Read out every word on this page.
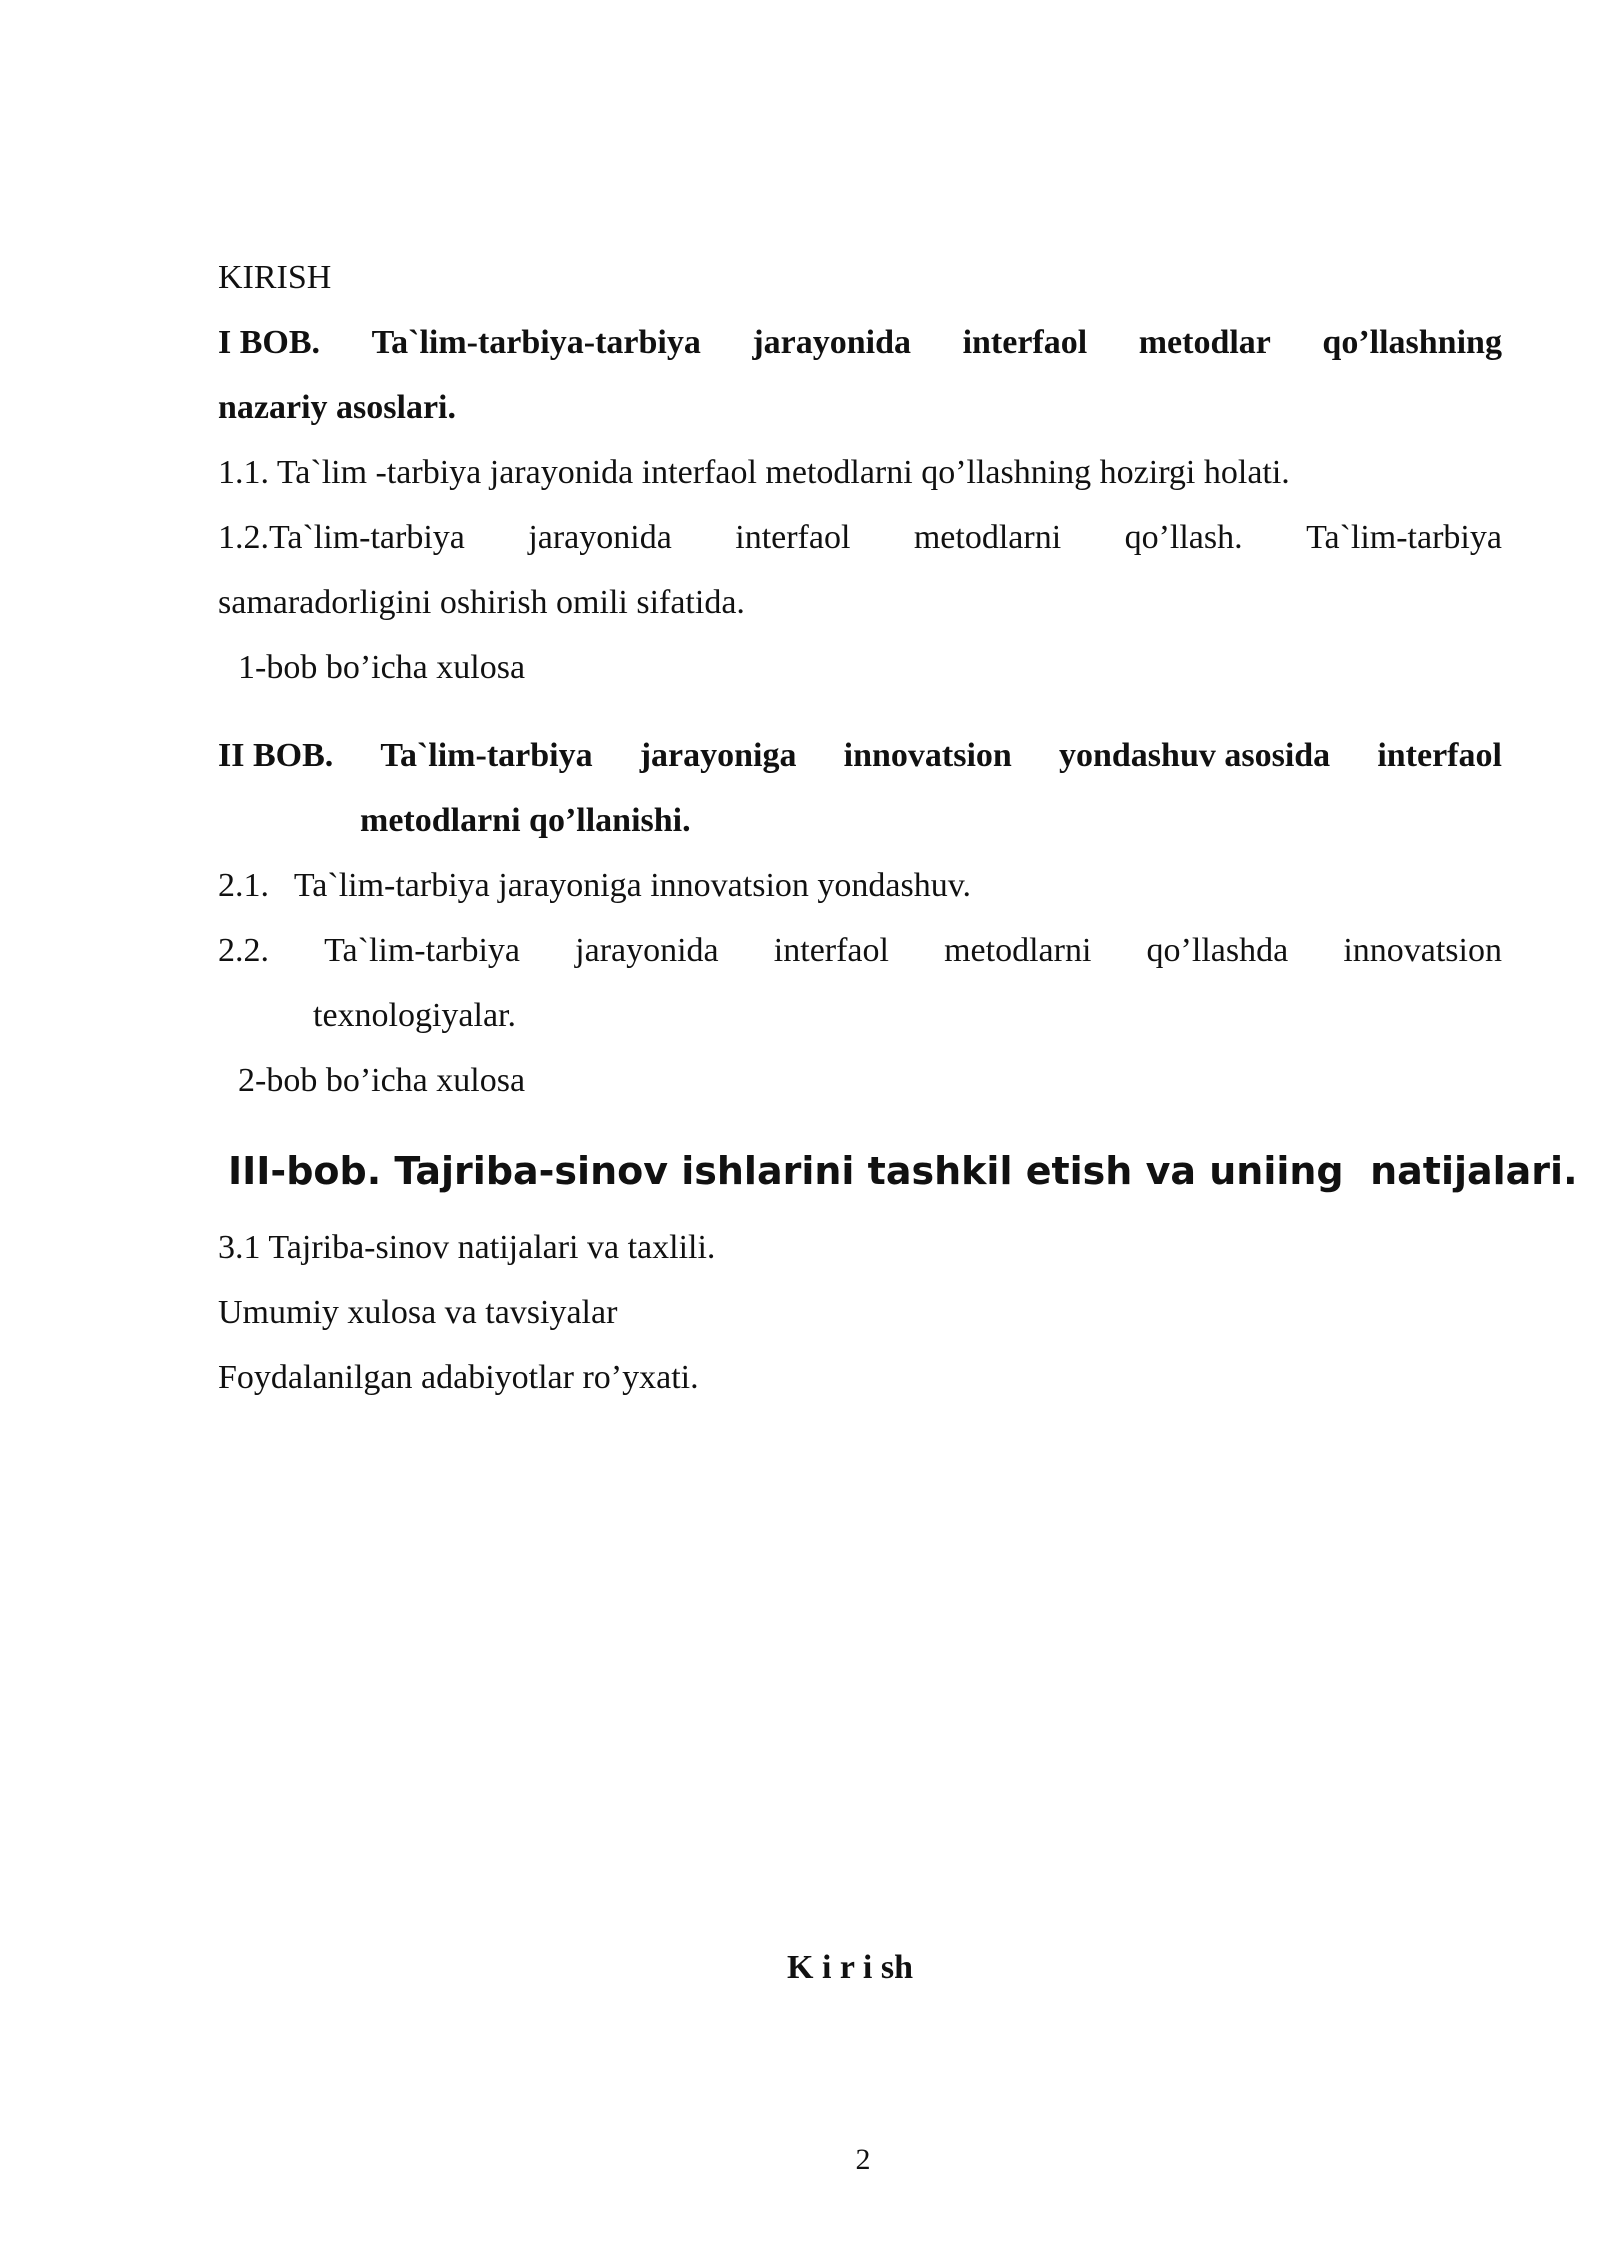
KIRISH
I BOB. Ta`lim-tarbiya-tarbiya jarayonida interfaol metodlar qo’llashning
nazariy asoslari.
1.1. Ta`lim -tarbiya jarayonida interfaol metodlarni qo’llashning hozirgi holati.
1.2.Ta`lim-tarbiya jarayonida interfaol metodlarni qo’llash. Ta`lim-tarbiya
samaradorligini oshirish omili sifatida.
1-bob bo’icha xulosa
II BOB. Ta`lim-tarbiya jarayoniga innovatsion yondashuv asosida interfaol
metodlarni qo’llanishi.
2.1.   Ta`lim-tarbiya jarayoniga innovatsion yondashuv.
2.2. Ta`lim-tarbiya jarayonida interfaol metodlarni qo’llashda innovatsion
texnologiyalar.
2-bob bo’icha xulosa
III-bob. Tajriba-sinov ishlarini tashkil etish va uniing  natijalari.
3.1 Tajriba-sinov natijalari va taxlili.
Umumiy xulosa va tavsiyalar
Foydalanilgan adabiyotlar ro’yxati.
K i r i sh
2
